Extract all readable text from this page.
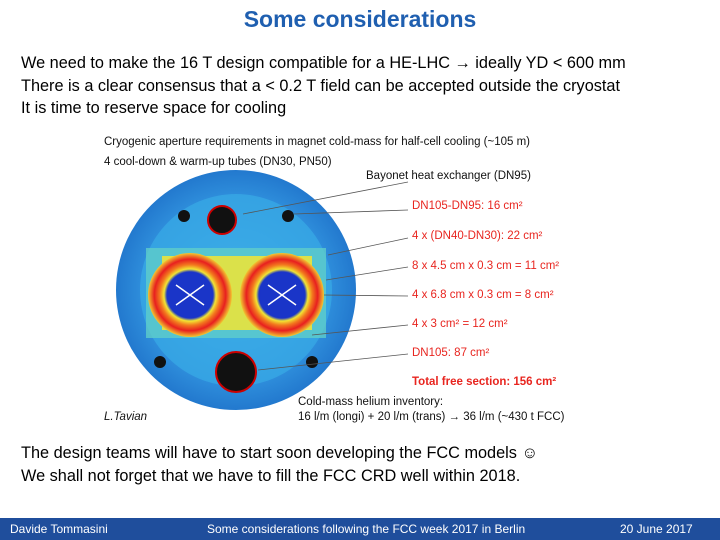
Some considerations
We need to make the 16 T design compatible for a HE-LHC → ideally YD < 600 mm
There is a clear consensus that a < 0.2 T field can be accepted outside the cryostat
It is time to reserve space for cooling
Cryogenic aperture requirements in magnet cold-mass for half-cell cooling (~105 m)
4 cool-down & warm-up tubes (DN30, PN50)
Bayonet heat exchanger (DN95)
DN105-DN95: 16 cm²
4 x (DN40-DN30): 22 cm²
8 x 4.5 cm x 0.3 cm = 11 cm²
4 x 6.8 cm x 0.3 cm = 8 cm²
4 x 3 cm² = 12 cm²
DN105: 87 cm²
Total free section: 156 cm²
Cold-mass helium inventory:
16 l/m (longi) + 20 l/m (trans) → 36 l/m (~430 t FCC)
L.Tavian
The design teams will have to start soon developing the FCC models ☺
We shall not forget that we have to fill the FCC CRD well within 2018.
Davide Tommasini	Some considerations following the FCC week 2017 in Berlin	20 June 2017
